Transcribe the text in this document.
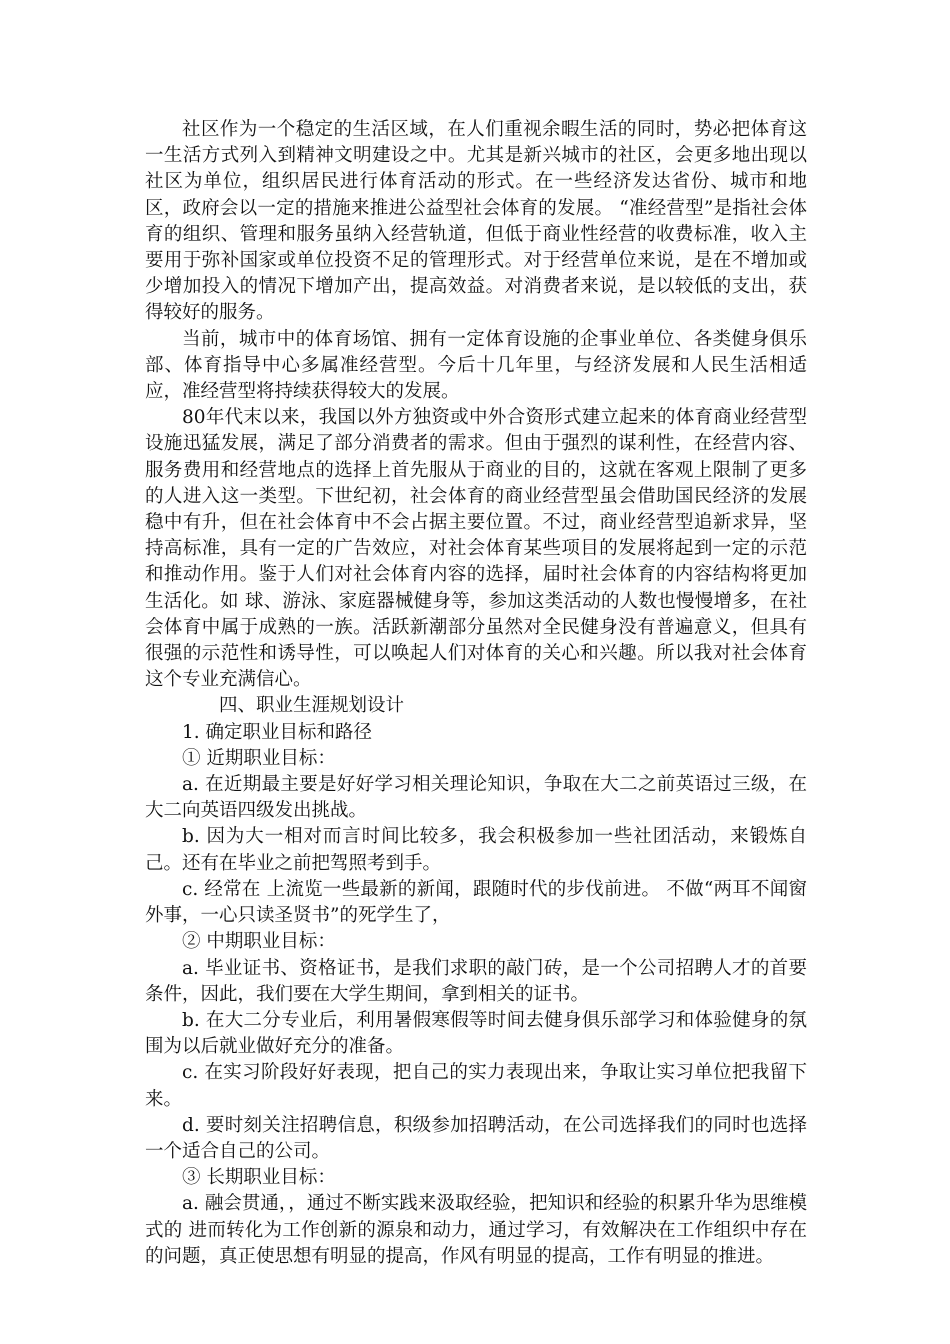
社区作为一个稳定的生活区域，在人们重视余暇生活的同时，势必把体育这一生活方式列入到精神文明建设之中。尤其是新兴城市的社区，会更多地出现以社区为单位，组织居民进行体育活动的形式。在一些经济发达省份、城市和地区，政府会以一定的措施来推进公益型社会体育的发展。 “准经营型”是指社会体育的组织、管理和服务虽纳入经营轨道，但低于商业性经营的收费标准，收入主要用于弥补国家或单位投资不足的管理形式。对于经营单位来说，是在不增加或少增加投入的情况下增加产出，提高效益。对消费者来说，是以较低的支出，获得较好的服务。

当前，城市中的体育场馆、拥有一定体育设施的企事业单位、各类健身俱乐部、体育指导中心多属准经营型。今后十几年里，与经济发展和人民生活相适应，准经营型将持续获得较大的发展。

80年代末以来，我国以外方独资或中外合资形式建立起来的体育商业经营型设施迅猛发展，满足了部分消费者的需求。但由于强烈的谋利性，在经营内容、服务费用和经营地点的选择上首先服从于商业的目的，这就在客观上限制了更多的人进入这一类型。下世纪初，社会体育的商业经营型虽会借助国民经济的发展稳中有升，但在社会体育中不会占据主要位置。不过，商业经营型追新求异，坚持高标准，具有一定的广告效应，对社会体育某些项目的发展将起到一定的示范和推动作用。鉴于人们对社会体育内容的选择，届时社会体育的内容结构将更加生活化。如 球、游泳、家庭器械健身等，参加这类活动的人数也慢慢增多，在社会体育中属于成熟的一族。活跃新潮部分虽然对全民健身没有普遍意义，但具有很强的示范性和诱导性，可以唤起人们对体育的关心和兴趣。所以我对社会体育这个专业充满信心。

四、职业生涯规划设计

1. 确定职业目标和路径

① 近期职业目标：

a. 在近期最主要是好好学习相关理论知识，争取在大二之前英语过三级，在大二向英语四级发出挑战。

b. 因为大一相对而言时间比较多，我会积极参加一些社团活动，来锻炼自己。还有在毕业之前把驾照考到手。

c. 经常在 上流览一些最新的新闻，跟随时代的步伐前进。 不做“两耳不闻窗外事，一心只读圣贤书”的死学生了，

② 中期职业目标：

a. 毕业证书、资格证书，是我们求职的敲门砖，是一个公司招聘人才的首要条件，因此，我们要在大学生期间，拿到相关的证书。

b. 在大二分专业后，利用暑假寒假等时间去健身俱乐部学习和体验健身的氛围为以后就业做好充分的准备。

c. 在实习阶段好好表现，把自己的实力表现出来，争取让实习单位把我留下来。

d. 要时刻关注招聘信息，积级参加招聘活动，在公司选择我们的同时也选择一个适合自己的公司。

③ 长期职业目标：

a. 融会贯通，，通过不断实践来汲取经验，把知识和经验的积累升华为思维模式的 进而转化为工作创新的源泉和动力，通过学习，有效解决在工作组织中存在的问题，真正使思想有明显的提高，作风有明显的提高，工作有明显的推进。
